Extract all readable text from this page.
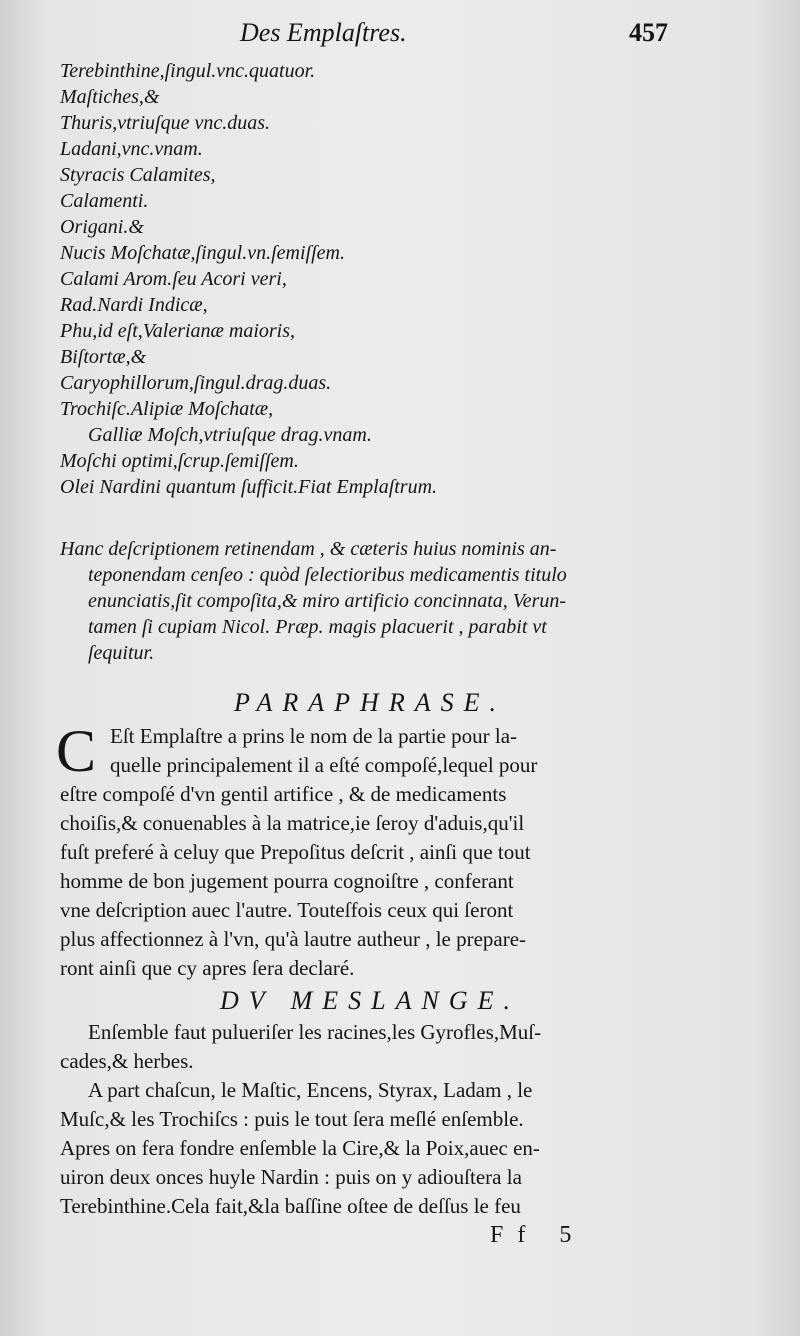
Des Emplaſtres.	457
Terebinthine,ſingul.vnc.quatuor.
Maſtiches,&
Thuris,vtriuſque vnc.duas.
Ladani,vnc.vnam.
Styracis Calamites,
Calamenti.
Origani.&
Nucis Moſchatæ,ſingul.vn.ſemiſſem.
Calami Arom.ſeu Acori veri,
Rad.Nardi Indicæ,
Phu,id eſt,Valerianæ maioris,
Biſtortæ,&
Caryophillorum,ſingul.drag.duas.
Trochiſc.Alipiæ Moſchatæ,
Galliæ Moſch,vtriuſque drag.vnam.
Moſchi optimi,ſcrup.ſemiſſem.
Olei Nardini quantum ſufficit.Fiat Emplaſtrum.
Hanc deſcriptionem retinendam , & cæteris huius nominis an-
teponendam cenſeo : quòd ſelectioribus medicamentis titulo
enunciatis,ſit compoſita,& miro artificio concinnata, Verun-
tamen ſi cupiam Nicol. Præp. magis placuerit , parabit vt
ſequitur.
PARAPHRASE.
C Eſt Emplaſtre a prins le nom de la partie pour la-
quelle principalement il a eſté compoſé,lequel pour
eſtre compoſé d'vn gentil artifice , & de medicaments
choiſis,& conuenables à la matrice,ie ſeroy d'aduis,qu'il
fuſt preferé à celuy que Prepoſitus deſcrit , ainſi que tout
homme de bon jugement pourra cognoiſtre , conferant
vne deſcription auec l'autre. Touteſfois ceux qui ſeront
plus affectionnez à l'vn, qu'à lautre autheur , le prepare-
ront ainſi que cy apres ſera declaré.
DV MESLANGE.
Enſemble faut pulueriſer les racines,les Gyrofles,Muſ-
cades,& herbes.
A part chaſcun, le Maſtic, Encens, Styrax, Ladam , le
Muſc,& les Trochiſcs : puis le tout ſera meſlé enſemble.
Apres on fera fondre enſemble la Cire,& la Poix,auec en-
uiron deux onces huyle Nardin : puis on y adiouſtera la
Terebinthine.Cela fait,&la baſſine oſtee de deſſus le feu
Ff 5
